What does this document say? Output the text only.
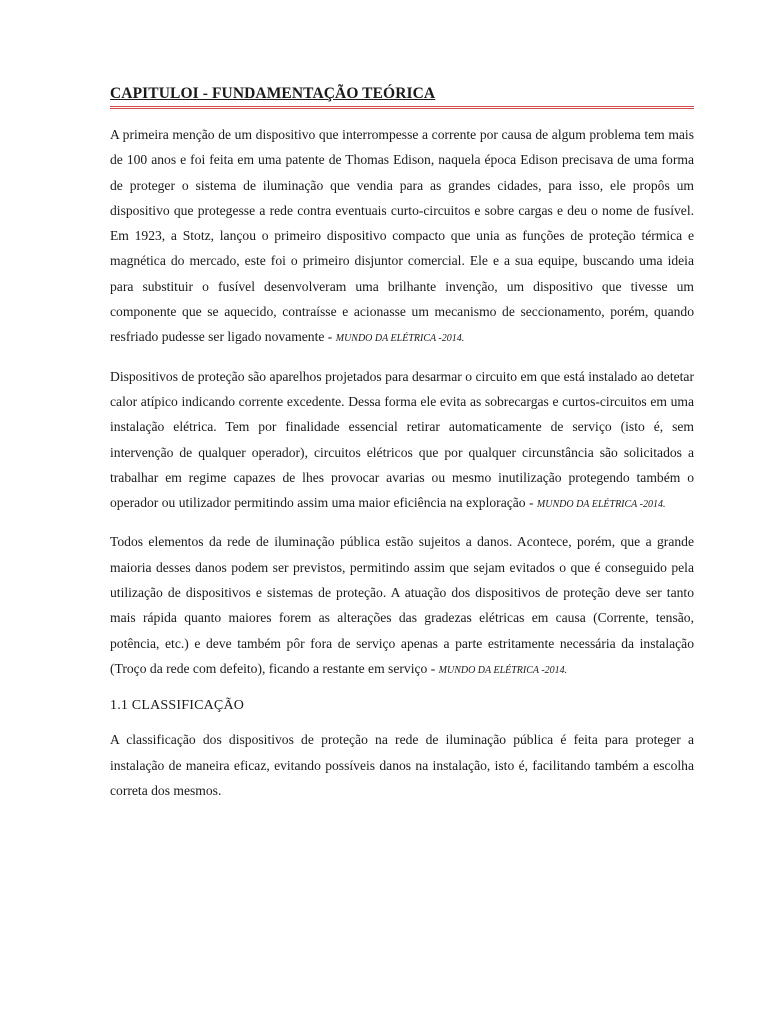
CAPITULOI - FUNDAMENTAÇÃO TEÓRICA

A primeira menção de um dispositivo que interrompesse a corrente por causa de algum problema tem mais de 100 anos e foi feita em uma patente de Thomas Edison, naquela época Edison precisava de uma forma de proteger o sistema de iluminação que vendia para as grandes cidades, para isso, ele propôs um dispositivo que protegesse a rede contra eventuais curto-circuitos e sobre cargas e deu o nome de fusível. Em 1923, a Stotz, lançou o primeiro dispositivo compacto que unia as funções de proteção térmica e magnética do mercado, este foi o primeiro disjuntor comercial. Ele e a sua equipe, buscando uma ideia para substituir o fusível desenvolveram uma brilhante invenção, um dispositivo que tivesse um componente que se aquecido, contraísse e acionasse um mecanismo de seccionamento, porém, quando resfriado pudesse ser ligado novamente - MUNDO DA ELÉTRICA -2014.

Dispositivos de proteção são aparelhos projetados para desarmar o circuito em que está instalado ao detetar calor atípico indicando corrente excedente. Dessa forma ele evita as sobrecargas e curtos-circuitos em uma instalação elétrica. Tem por finalidade essencial retirar automaticamente de serviço (isto é, sem intervenção de qualquer operador), circuitos elétricos que por qualquer circunstância são solicitados a trabalhar em regime capazes de lhes provocar avarias ou mesmo inutilização protegendo também o operador ou utilizador permitindo assim uma maior eficiência na exploração - MUNDO DA ELÉTRICA -2014.

Todos elementos da rede de iluminação pública estão sujeitos a danos. Acontece, porém, que a grande maioria desses danos podem ser previstos, permitindo assim que sejam evitados o que é conseguido pela utilização de dispositivos e sistemas de proteção. A atuação dos dispositivos de proteção deve ser tanto mais rápida quanto maiores forem as alterações das gradezas elétricas em causa (Corrente, tensão, potência, etc.) e deve também pôr fora de serviço apenas a parte estritamente necessária da instalação (Troço da rede com defeito), ficando a restante em serviço - MUNDO DA ELÉTRICA -2014.

1.1 CLASSIFICAÇÃO

A classificação dos dispositivos de proteção na rede de iluminação pública é feita para proteger a instalação de maneira eficaz, evitando possíveis danos na instalação, isto é, facilitando também a escolha correta dos mesmos.
